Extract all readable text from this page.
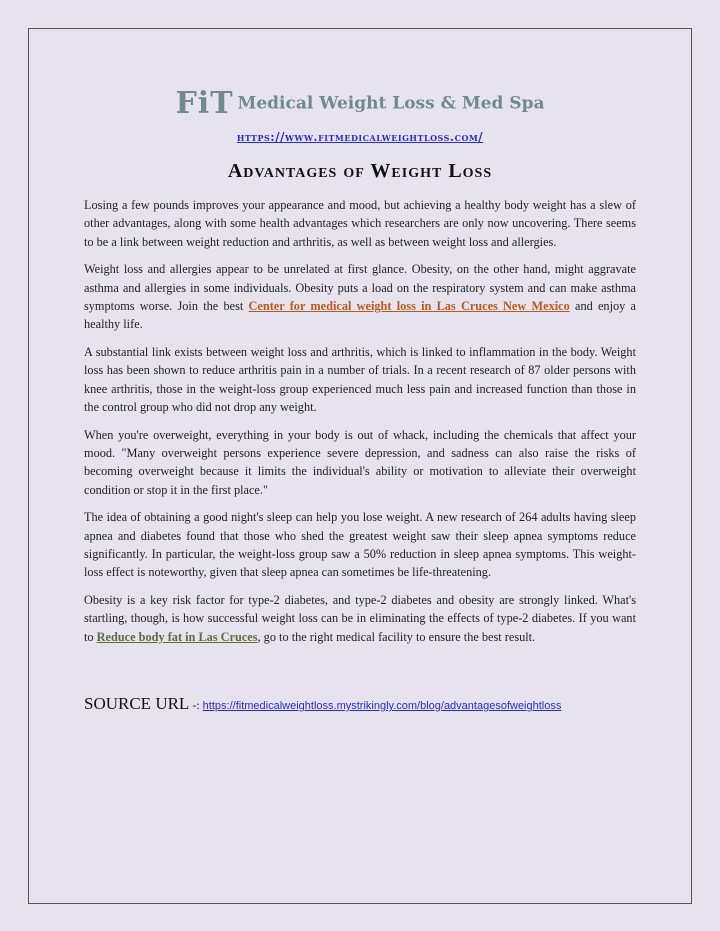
FiT Medical Weight Loss & Med Spa
https://www.fitmedicalweightloss.com/
Advantages of Weight Loss

Losing a few pounds improves your appearance and mood, but achieving a healthy body weight has a slew of other advantages, along with some health advantages which researchers are only now uncovering. There seems to be a link between weight reduction and arthritis, as well as between weight loss and allergies.

Weight loss and allergies appear to be unrelated at first glance. Obesity, on the other hand, might aggravate asthma and allergies in some individuals. Obesity puts a load on the respiratory system and can make asthma symptoms worse. Join the best Center for medical weight loss in Las Cruces New Mexico and enjoy a healthy life.

A substantial link exists between weight loss and arthritis, which is linked to inflammation in the body. Weight loss has been shown to reduce arthritis pain in a number of trials. In a recent research of 87 older persons with knee arthritis, those in the weight-loss group experienced much less pain and increased function than those in the control group who did not drop any weight.

When you're overweight, everything in your body is out of whack, including the chemicals that affect your mood. "Many overweight persons experience severe depression, and sadness can also raise the risks of becoming overweight because it limits the individual's ability or motivation to alleviate their overweight condition or stop it in the first place."

The idea of obtaining a good night's sleep can help you lose weight. A new research of 264 adults having sleep apnea and diabetes found that those who shed the greatest weight saw their sleep apnea symptoms reduce significantly. In particular, the weight-loss group saw a 50% reduction in sleep apnea symptoms. This weight-loss effect is noteworthy, given that sleep apnea can sometimes be life-threatening.

Obesity is a key risk factor for type-2 diabetes, and type-2 diabetes and obesity are strongly linked. What's startling, though, is how successful weight loss can be in eliminating the effects of type-2 diabetes. If you want to Reduce body fat in Las Cruces, go to the right medical facility to ensure the best result.

SOURCE URL -: https://fitmedicalweightloss.mystrikingly.com/blog/advantagesofweightloss
